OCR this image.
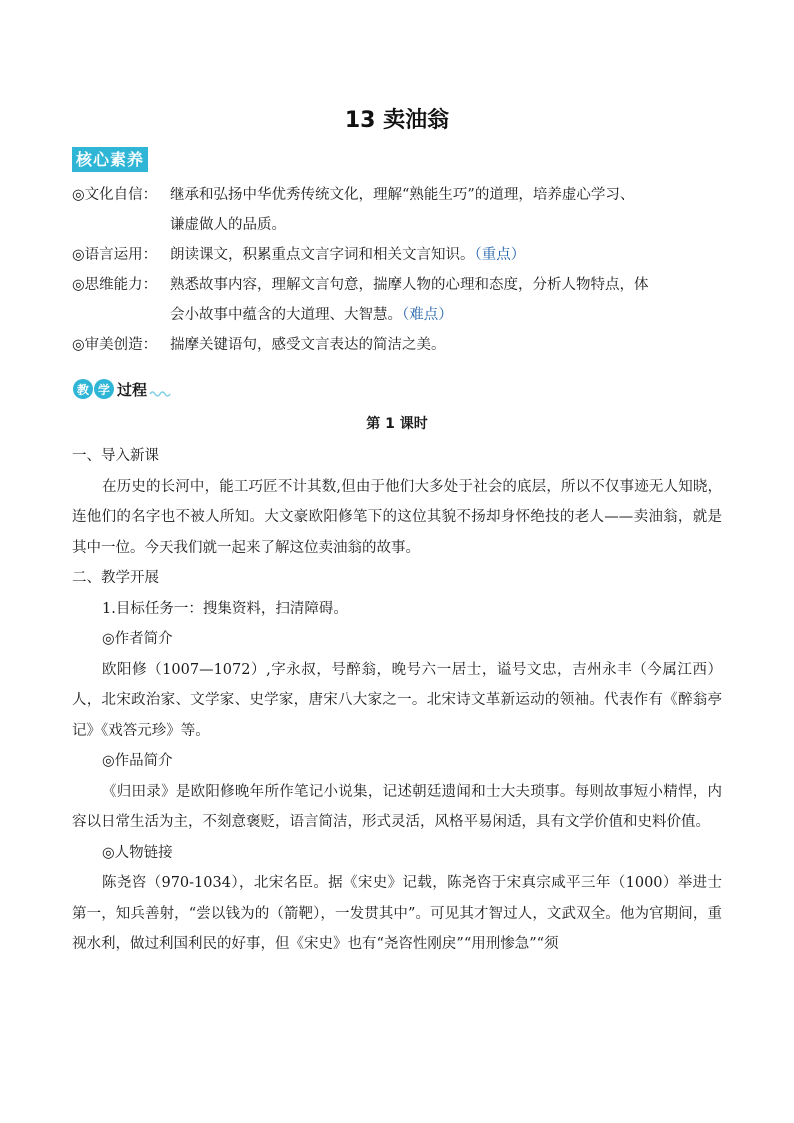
13 卖油翁
核心素养
◎文化自信： 继承和弘扬中华优秀传统文化，理解“熟能生巧”的道理，培养虚心学习、
谦虚做人的品质。
◎语言运用： 朗读课文，积累重点文言字词和相关文言知识。（重点）
◎思维能力： 熟悉故事内容，理解文言句意，揣摩人物的心理和态度，分析人物特点，体
会小故事中蕴含的大道理、大智慧。（难点）
◎审美创造： 揣摩关键语句，感受文言表达的简洁之美。
教 学 过程
第 1 课时

一、导入新课

在历史的长河中，能工巧匠不计其数,但由于他们大多处于社会的底层，所以不仅事迹无人知晓，连他们的名字也不被人所知。大文豪欧阳修笔下的这位其貌不扬却身怀绝技的老人——卖油翁，就是其中一位。今天我们就一起来了解这位卖油翁的故事。

二、教学开展

1.目标任务一：搜集资料，扫清障碍。

◎作者简介

欧阳修（1007—1072）,字永叔，号醉翁，晚号六一居士，谥号文忠，吉州永丰（今属江西）人，北宋政治家、文学家、史学家，唐宋八大家之一。北宋诗文革新运动的领袖。代表作有《醉翁亭记》《戏答元珍》等。

◎作品简介

《归田录》是欧阳修晚年所作笔记小说集，记述朝廷遗闻和士大夫琐事。每则故事短小精悍，内容以日常生活为主，不刻意褒贬，语言简洁，形式灵活，风格平易闲适，具有文学价值和史料价值。

◎人物链接

陈尧咨（970-1034），北宋名臣。据《宋史》记载，陈尧咨于宋真宗咸平三年（1000）举进士第一，知兵善射，“尝以钱为的（箭靶），一发贯其中”。可见其才智过人，文武双全。他为官期间，重视水利，做过利国利民的好事，但《宋史》也有“尧咨性刚戾”“用刑惨急”“须
